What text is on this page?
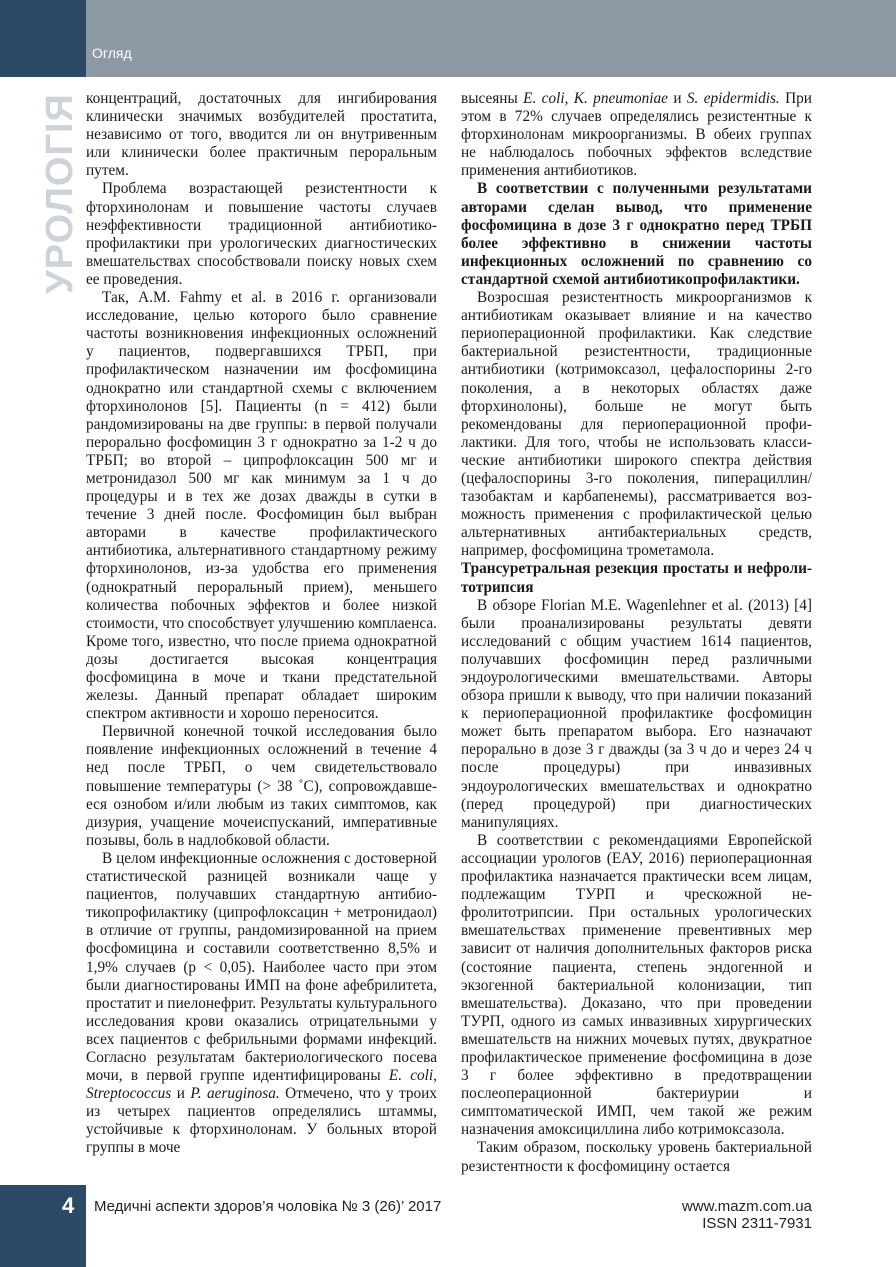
Огляд
УРОЛОГІЯ концентраций, достаточных для ингибирования клинически значимых возбудителей простатита, независимо от того, вводится ли он внутривенным или клинически более практичным пероральным путем.

Проблема возрастающей резистентности к фторхинолонам и повышение частоты случаев неэффективности традиционной антибиотикопрофилактики при урологических диагностических вмешательствах способствовали поиску новых схем ее проведения.

Так, A.M. Fahmy et al. в 2016 г. организовали исследование, целью которого было сравнение частоты возникновения инфекционных осложнений у пациентов, подвергавшихся ТРБП, при профилактическом назначении им фосфомицина однократно или стандартной схемы с включением фторхинолонов [5]. Пациенты (n = 412) были рандомизированы на две группы: в первой получали перорально фосфомицин 3 г однократно за 1-2 ч до ТРБП; во второй – ципрофлоксацин 500 мг и метронидазол 500 мг как минимум за 1 ч до процедуры и в тех же дозах дважды в сутки в течение 3 дней после. Фосфомицин был выбран авторами в качестве профилактического антибиотика, альтернативного стандартному режиму фторхинолонов, из-за удобства его применения (однократный пероральный прием), меньшего количества побочных эффектов и более низкой стоимости, что способствует улучшению комплаенса. Кроме того, известно, что после приема однократной дозы достигается высокая концентрация фосфомицина в моче и ткани предстательной железы. Данный препарат обладает широким спектром активности и хорошо переносится.

Первичной конечной точкой исследования было появление инфекционных осложнений в течение 4 нед после ТРБП, о чем свидетельствовало повышение температуры (> 38 ˚С), сопровождавшееся ознобом и/или любым из таких симптомов, как дизурия, учащение мочеиспусканий, императивные позывы, боль в надлобковой области.

В целом инфекционные осложнения с достоверной статистической разницей возникали чаще у пациентов, получавших стандартную антибиотикопрофилактику (ципрофлоксацин + метронидаол) в отличие от группы, рандомизированной на прием фосфомицина и составили соответственно 8,5% и 1,9% случаев (р < 0,05). Наиболее часто при этом были диагностированы ИМП на фоне афебрилитета, простатит и пиелонефрит. Результаты культурального исследования крови оказались отрицательными у всех пациентов с фебрильными формами инфекций. Согласно результатам бактериологического посева мочи, в первой группе идентифицированы E. coli, Streptococcus и P. aeruginosa. Отмечено, что у троих из четырех пациентов определялись штаммы, устойчивые к фторхинолонам. У больных второй группы в моче

высеяны E. coli, K. pneumoniae и S. epidermidis. При этом в 72% случаев определялись резистентные к фторхинолонам микроорганизмы. В обеих группах не наблюдалось побочных эффектов вследствие применения антибиотиков.

В соответствии с полученными результатами авторами сделан вывод, что применение фосфомицина в дозе 3 г однократно перед ТРБП более эффективно в снижении частоты инфекционных осложнений по сравнению со стандартной схемой антибиотикопрофилактики.

Возросшая резистентность микроорганизмов к антибиотикам оказывает влияние и на качество периоперационной профилактики. Как следствие бактериальной резистентности, традиционные антибиотики (котримоксазол, цефалоспорины 2-го поколения, а в некоторых областях даже фторхинолоны), больше не могут быть рекомендованы для периоперационной профилактики. Для того, чтобы не использовать классические антибиотики широкого спектра действия (цефалоспорины 3-го поколения, пиперациллин/ тазобактам и карбапенемы), рассматривается возможность применения с профилактической целью альтернативных антибактериальных средств, например, фосфомицина трометамола.

Трансуретральная резекция простаты и нефролитотрипсия

В обзоре Florian M.E. Wagenlehner et al. (2013) [4] были проанализированы результаты девяти исследований с общим участием 1614 пациентов, получавших фосфомицин перед различными эндоурологическими вмешательствами. Авторы обзора пришли к выводу, что при наличии показаний к периоперационной профилактике фосфомицин может быть препаратом выбора. Его назначают перорально в дозе 3 г дважды (за 3 ч до и через 24 ч после процедуры) при инвазивных эндоурологических вмешательствах и однократно (перед процедурой) при диагностических манипуляциях.

В соответствии с рекомендациями Европейской ассоциации урологов (ЕАУ, 2016) периоперационная профилактика назначается практически всем лицам, подлежащим ТУРП и чрескожной нефролитотрипсии. При остальных урологических вмешательствах применение превентивных мер зависит от наличия дополнительных факторов риска (состояние пациента, степень эндогенной и экзогенной бактериальной колонизации, тип вмешательства). Доказано, что при проведении ТУРП, одного из самых инвазивных хирургических вмешательств на нижних мочевых путях, двукратное профилактическое применение фосфомицина в дозе 3 г более эффективно в предотвращении послеоперационной бактериурии и симптоматической ИМП, чем такой же режим назначения амоксициллина либо котримоксазола.

Таким образом, поскольку уровень бактериальной резистентности к фосфомицину остается

4 Медичні аспекти здоров’я чоловіка № 3 (26)’ 2017	www.mazm.com.ua
ISSN 2311-7931
